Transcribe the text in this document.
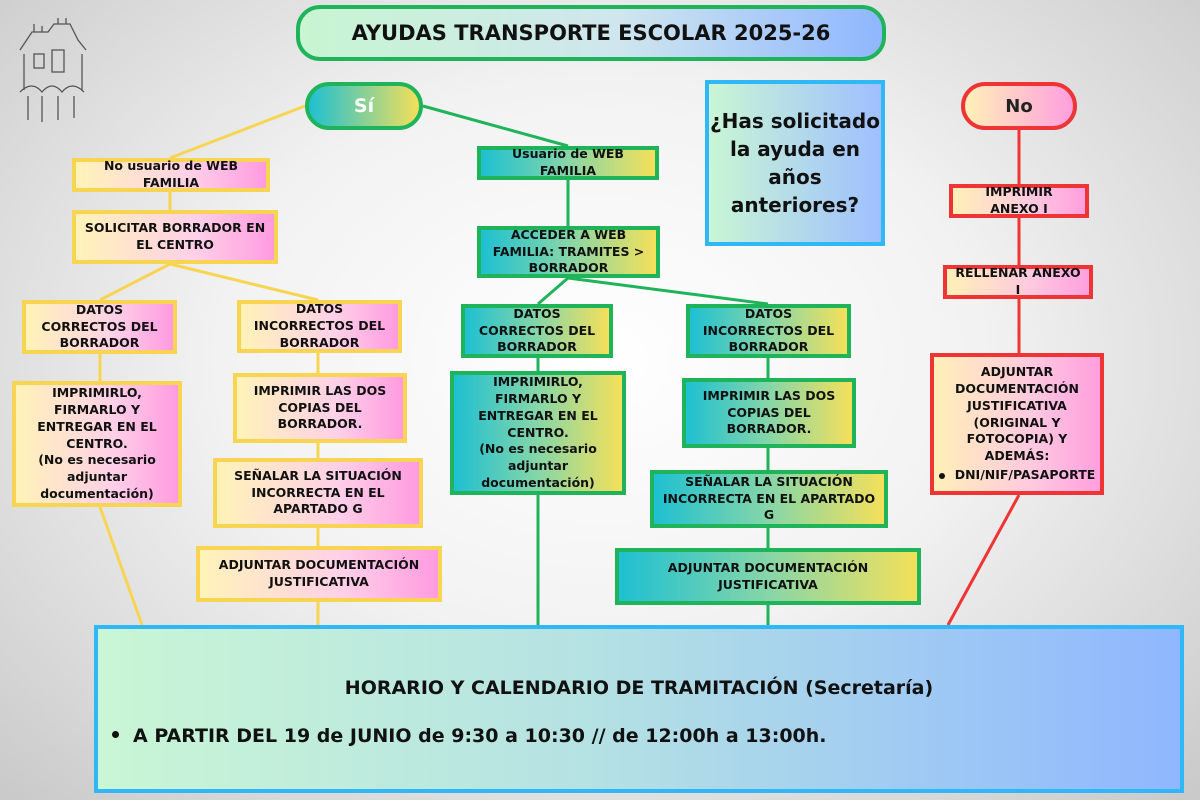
AYUDAS TRANSPORTE ESCOLAR 2025-26
Sí	No
¿Has solicitado la ayuda en años anteriores?
No usuario de WEB FAMILIA
SOLICITAR BORRADOR EN EL CENTRO
DATOS CORRECTOS DEL BORRADOR
DATOS INCORRECTOS DEL BORRADOR
IMPRIMIRLO, FIRMARLO Y ENTREGAR EN EL CENTRO.
(No es necesario adjuntar documentación)
IMPRIMIR LAS DOS COPIAS DEL BORRADOR.
SEÑALAR LA SITUACIÓN INCORRECTA EN EL APARTADO G
ADJUNTAR DOCUMENTACIÓN JUSTIFICATIVA
Usuario de WEB FAMILIA
ACCEDER A WEB FAMILIA: TRAMITES > BORRADOR
DATOS CORRECTOS DEL BORRADOR
DATOS INCORRECTOS DEL BORRADOR
IMPRIMIRLO, FIRMARLO Y ENTREGAR EN EL CENTRO.
(No es necesario adjuntar documentación)
IMPRIMIR LAS DOS COPIAS DEL BORRADOR.
SEÑALAR LA SITUACIÓN INCORRECTA EN EL APARTADO G
ADJUNTAR DOCUMENTACIÓN JUSTIFICATIVA
IMPRIMIR ANEXO I
RELLENAR ANEXO I
ADJUNTAR DOCUMENTACIÓN JUSTIFICATIVA (ORIGINAL Y FOTOCOPIA) Y ADEMÁS:
DNI/NIF/PASAPORTE
HORARIO Y CALENDARIO DE TRAMITACIÓN (Secretaría)
A PARTIR DEL 19 de JUNIO de 9:30 a 10:30 // de 12:00h a 13:00h.
